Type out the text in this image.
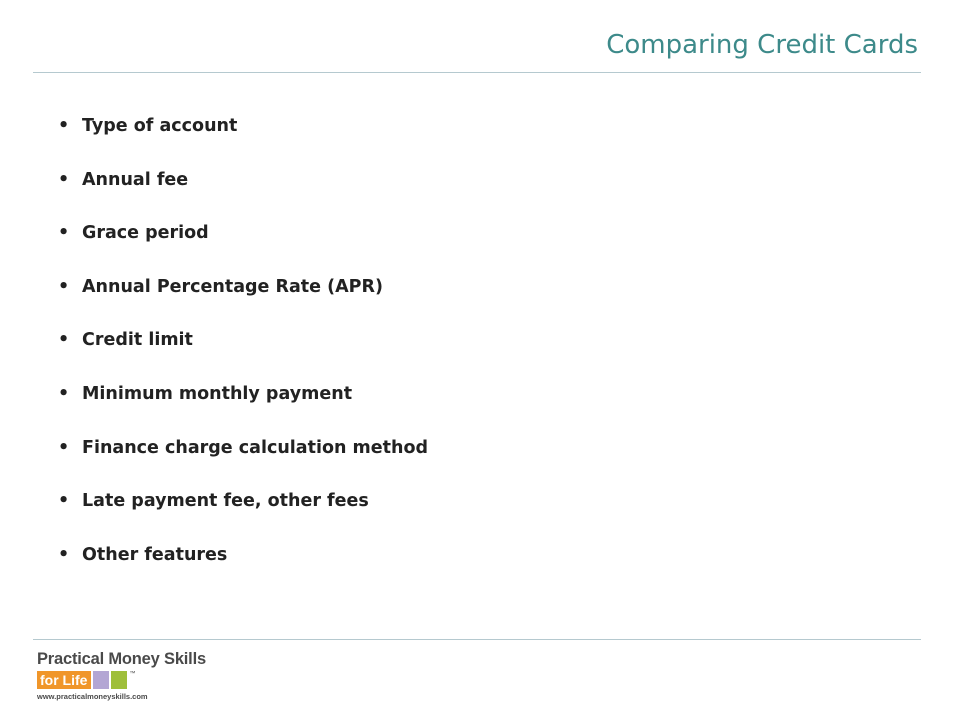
Comparing Credit Cards
• Type of account
• Annual fee
• Grace period
• Annual Percentage Rate (APR)
• Credit limit
• Minimum monthly payment
• Finance charge calculation method
• Late payment fee, other fees
• Other features
Practical Money Skills
for Life	™
www.practicalmoneyskills.com
